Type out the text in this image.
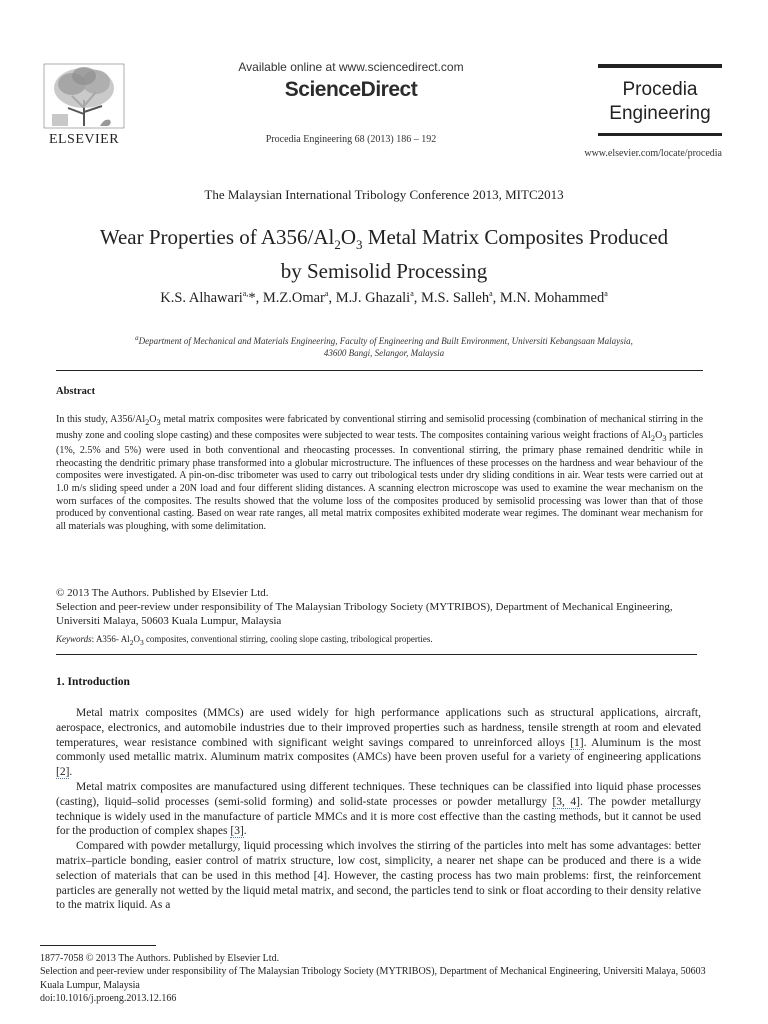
ELSEVIER
Available online at www.sciencedirect.com
ScienceDirect
Procedia Engineering 68 (2013) 186 – 192
Procedia
Engineering
www.elsevier.com/locate/procedia
The Malaysian International Tribology Conference 2013, MITC2013
Wear Properties of $A356/Al_2O_3$ Metal Matrix Composites Produced
by Semisolid Processing
K.S. Alhawari$^{a,}$*, M.Z.Omar$^a$, M.J. Ghazali$^a$, M.S. Salleh$^a$, M.N. Mohammed$^a$
$^a$Department of Mechanical and Materials Engineering, Faculty of Engineering and Built Environment, Universiti Kebangsaan Malaysia,
43600 Bangi, Selangor, Malaysia
Abstract
In this study, $A356/Al_2O_3$ metal matrix composites were fabricated by conventional stirring and semisolid processing (combination of mechanical stirring in the mushy zone and cooling slope casting) and these composites were subjected to wear tests. The composites containing various weight fractions of $Al_2O_3$ particles (1%, 2.5% and 5%) were used in both conventional and rheocasting processes. In conventional stirring, the primary phase remained dendritic while in rheocasting the dendritic primary phase transformed into a globular microstructure. The influences of these processes on the hardness and wear behaviour of the composites were investigated. A pin-on-disc tribometer was used to carry out tribological tests under dry sliding conditions in air. Wear tests were carried out at 1.0 m/s sliding speed under a 20N load and four different sliding distances. A scanning electron microscope was used to examine the wear mechanism on the worn surfaces of the composites. The results showed that the volume loss of the composites produced by semisolid processing was lower than that of those produced by conventional casting. Based on wear rate ranges, all metal matrix composites exhibited moderate wear regimes. The dominant wear mechanism for all materials was ploughing, with some delimitation.
© 2013 The Authors. Published by Elsevier Ltd.
Selection and peer-review under responsibility of The Malaysian Tribology Society (MYTRIBOS), Department of Mechanical Engineering, Universiti Malaya, 50603 Kuala Lumpur, Malaysia
Keywords: A356- $Al_2O_3$ composites, conventional stirring, cooling slope casting, tribological properties.
1. Introduction

Metal matrix composites (MMCs) are used widely for high performance applications such as structural applications, aircraft, aerospace, electronics, and automobile industries due to their improved properties such as hardness, tensile strength at room and elevated temperatures, wear resistance combined with significant weight savings compared to unreinforced alloys [1]. Aluminum is the most commonly used metallic matrix. Aluminum matrix composites (AMCs) have been proven useful for a variety of engineering applications [2].

Metal matrix composites are manufactured using different techniques. These techniques can be classified into liquid phase processes (casting), liquid–solid processes (semi-solid forming) and solid-state processes or powder metallurgy [3, 4]. The powder metallurgy technique is widely used in the manufacture of particle MMCs and it is more cost effective than the casting methods, but it cannot be used for the production of complex shapes [3].

Compared with powder metallurgy, liquid processing which involves the stirring of the particles into melt has some advantages: better matrix–particle bonding, easier control of matrix structure, low cost, simplicity, a nearer net shape can be produced and there is a wide selection of materials that can be used in this method [4]. However, the casting process has two main problems: first, the reinforcement particles are generally not wetted by the liquid metal matrix, and second, the particles tend to sink or float according to their density relative to the matrix liquid. As a

1877-7058 © 2013 The Authors. Published by Elsevier Ltd.
Selection and peer-review under responsibility of The Malaysian Tribology Society (MYTRIBOS), Department of Mechanical Engineering, Universiti Malaya, 50603 Kuala Lumpur, Malaysia
doi:10.1016/j.proeng.2013.12.166
